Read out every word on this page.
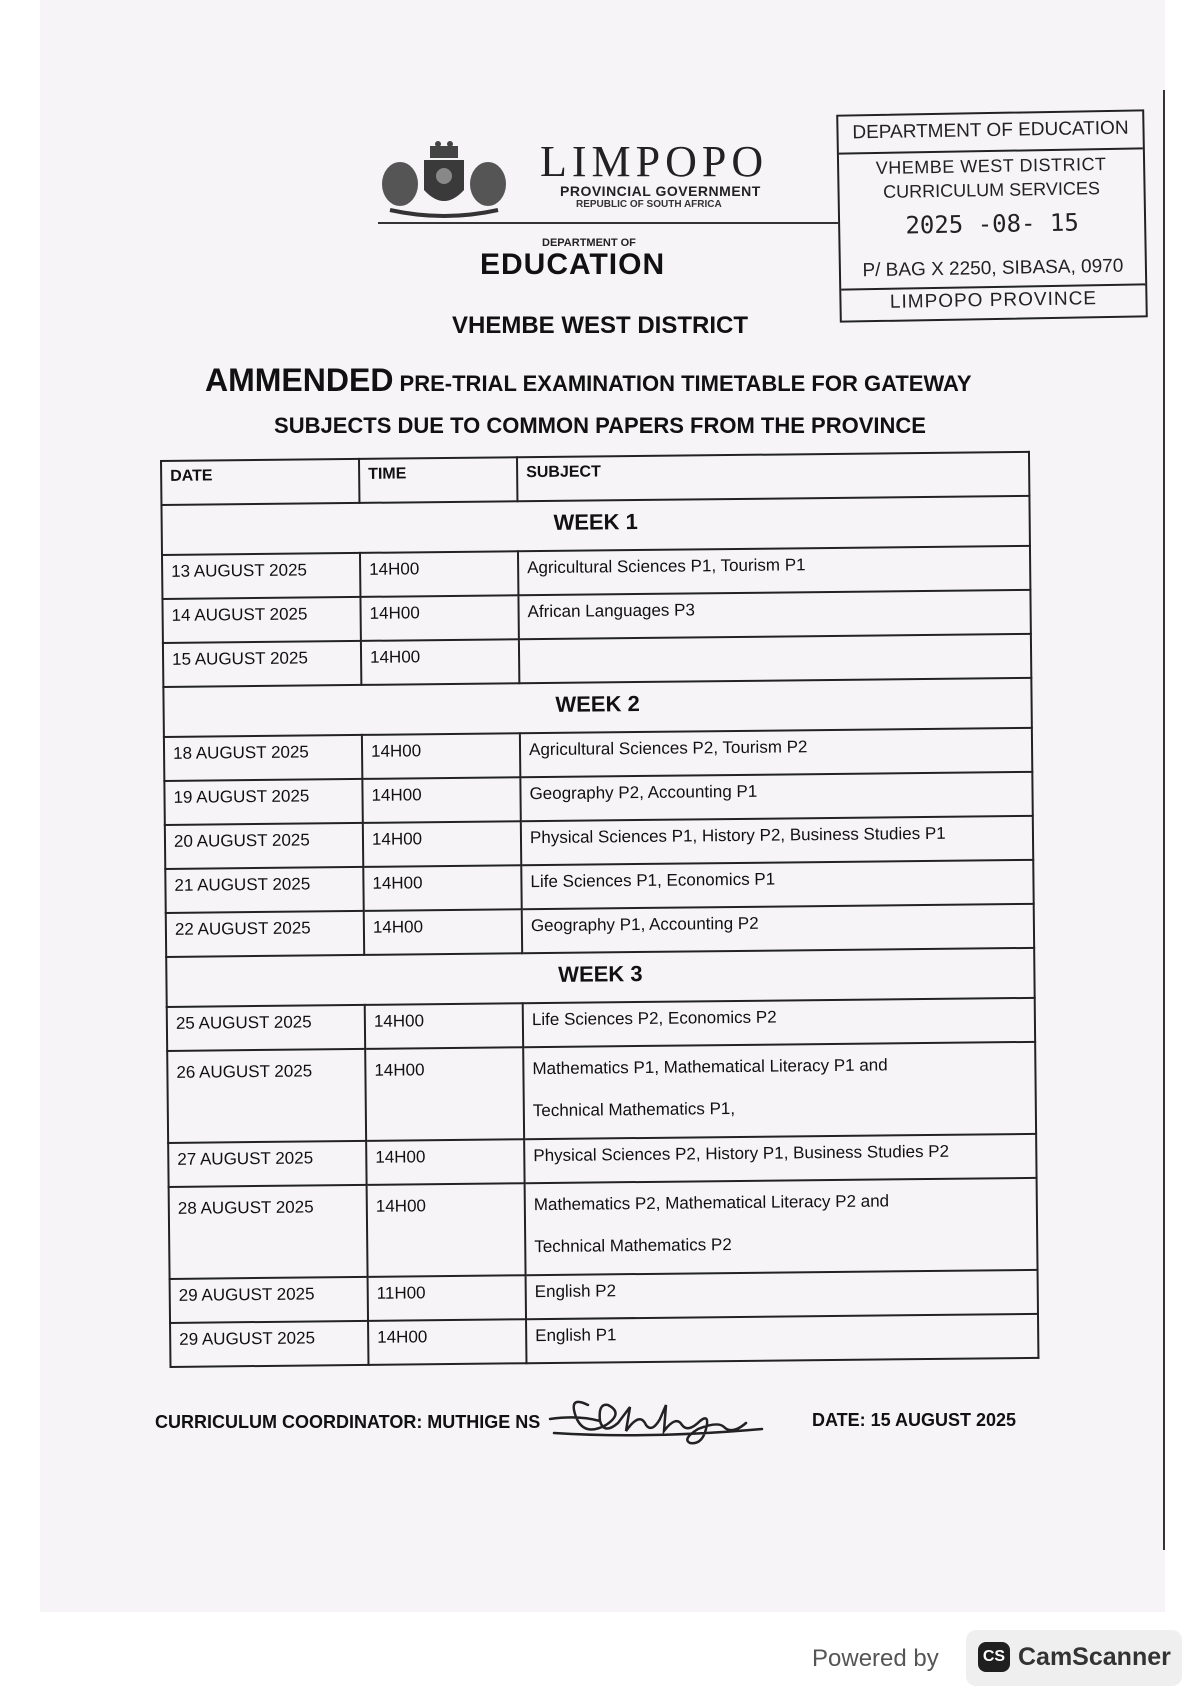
LIMPOPO
PROVINCIAL GOVERNMENT
REPUBLIC OF SOUTH AFRICA
DEPARTMENT OF
EDUCATION
DEPARTMENT OF EDUCATION
VHEMBE WEST DISTRICT
CURRICULUM SERVICES
2025 -08- 15
P/ BAG X 2250, SIBASA, 0970
LIMPOPO PROVINCE
VHEMBE WEST DISTRICT
AMMENDED PRE-TRIAL EXAMINATION TIMETABLE FOR GATEWAY
SUBJECTS DUE TO COMMON PAPERS FROM THE PROVINCE
DATE	TIME	SUBJECT
WEEK 1		
13 AUGUST 2025	14H00	Agricultural Sciences P1, Tourism P1
14 AUGUST 2025	14H00	African Languages P3
15 AUGUST 2025	14H00	
WEEK 2		
18 AUGUST 2025	14H00	Agricultural Sciences P2, Tourism P2
19 AUGUST 2025	14H00	Geography P2, Accounting P1
20 AUGUST 2025	14H00	Physical Sciences P1, History P2, Business Studies P1
21 AUGUST 2025	14H00	Life Sciences P1, Economics P1
22 AUGUST 2025	14H00	Geography P1, Accounting P2
WEEK 3		
25 AUGUST 2025	14H00	Life Sciences P2, Economics P2
26 AUGUST 2025	14H00	Mathematics P1, Mathematical Literacy P1 and
Technical Mathematics P1,
27 AUGUST 2025	14H00	Physical Sciences P2, History P1, Business Studies P2
28 AUGUST 2025	14H00	Mathematics P2, Mathematical Literacy P2 and
Technical Mathematics P2
29 AUGUST 2025	11H00	English P2
29 AUGUST 2025	14H00	English P1
CURRICULUM COORDINATOR: MUTHIGE NS	DATE: 15 AUGUST 2025
Powered by	CS CamScanner
